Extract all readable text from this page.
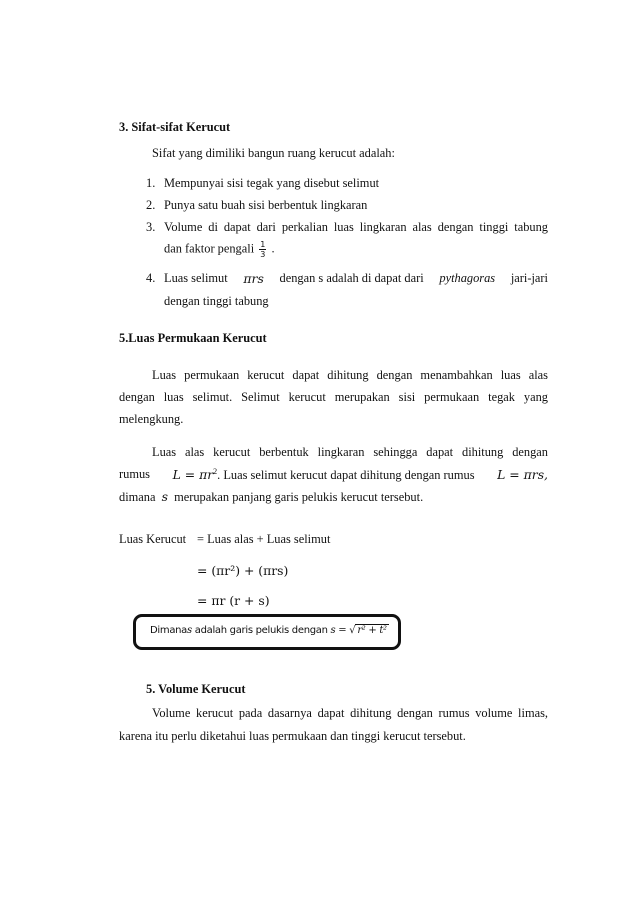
3. Sifat-sifat Kerucut
Sifat yang dimiliki bangun ruang kerucut adalah:
1. Mempunyai sisi tegak yang disebut selimut
2. Punya satu buah sisi berbentuk lingkaran
3. Volume di dapat dari perkalian luas lingkaran alas dengan tinggi tabung
dan faktor pengali $\frac{1}{3}$ .
4. Luas selimut πrs dengan s adalah di dapat dari pythagoras jari-jari
dengan tinggi tabung
5.Luas Permukaan Kerucut
Luas permukaan kerucut dapat dihitung dengan menambahkan luas alas
dengan luas selimut. Selimut kerucut merupakan sisi permukaan tegak yang
melengkung.
Luas alas kerucut berbentuk lingkaran sehingga dapat dihitung dengan
rumus $L = \pi r^2$. Luas selimut kerucut dapat dihitung dengan rumus L = πrs,
dimana s merupakan panjang garis pelukis kerucut tersebut.
Luas Kerucut = Luas alas + Luas selimut
= (πr²) + (πrs)
= πr (r + s)
Dimanas adalah garis pelukis dengan s = √ r² + t²
5. Volume Kerucut
Volume kerucut pada dasarnya dapat dihitung dengan rumus volume limas,
karena itu perlu diketahui luas permukaan dan tinggi kerucut tersebut.
